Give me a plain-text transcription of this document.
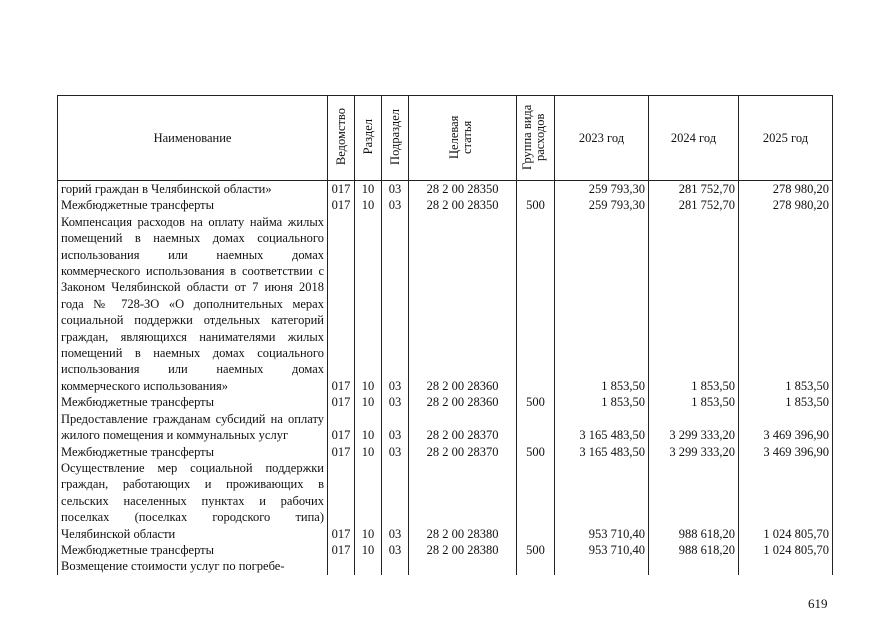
Наименование	Ведомство	Раздел	Подраздел	Целевая статья	Группа вида расходов	2023 год	2024 год	2025 год
горий граждан в Челябинской области»	017	10	03	28 2 00 28350		259 793,30	281 752,70	278 980,20
Межбюджетные трансферты	017	10	03	28 2 00 28350	500	259 793,30	281 752,70	278 980,20
Компенсация расходов на оплату найма жилых помещений в наемных домах социального использования или наемных домах коммерческого использования в соответствии с Законом Челябинской области от 7 июня 2018 года № 728-ЗО «О дополнительных мерах социальной поддержки отдельных категорий граждан, являющихся нанимателями жилых помещений в наемных домах социального использования или наемных домах коммерческого использования»	017	10	03	28 2 00 28360		1 853,50	1 853,50	1 853,50
Межбюджетные трансферты	017	10	03	28 2 00 28360	500	1 853,50	1 853,50	1 853,50
Предоставление гражданам субсидий на оплату жилого помещения и коммунальных услуг	017	10	03	28 2 00 28370		3 165 483,50	3 299 333,20	3 469 396,90
Межбюджетные трансферты	017	10	03	28 2 00 28370	500	3 165 483,50	3 299 333,20	3 469 396,90
Осуществление мер социальной поддержки граждан, работающих и проживающих в сельских населенных пунктах и рабочих поселках (поселках городского типа) Челябинской области	017	10	03	28 2 00 28380		953 710,40	988 618,20	1 024 805,70
Межбюджетные трансферты	017	10	03	28 2 00 28380	500	953 710,40	988 618,20	1 024 805,70
Возмещение стоимости услуг по погребе-								
619
